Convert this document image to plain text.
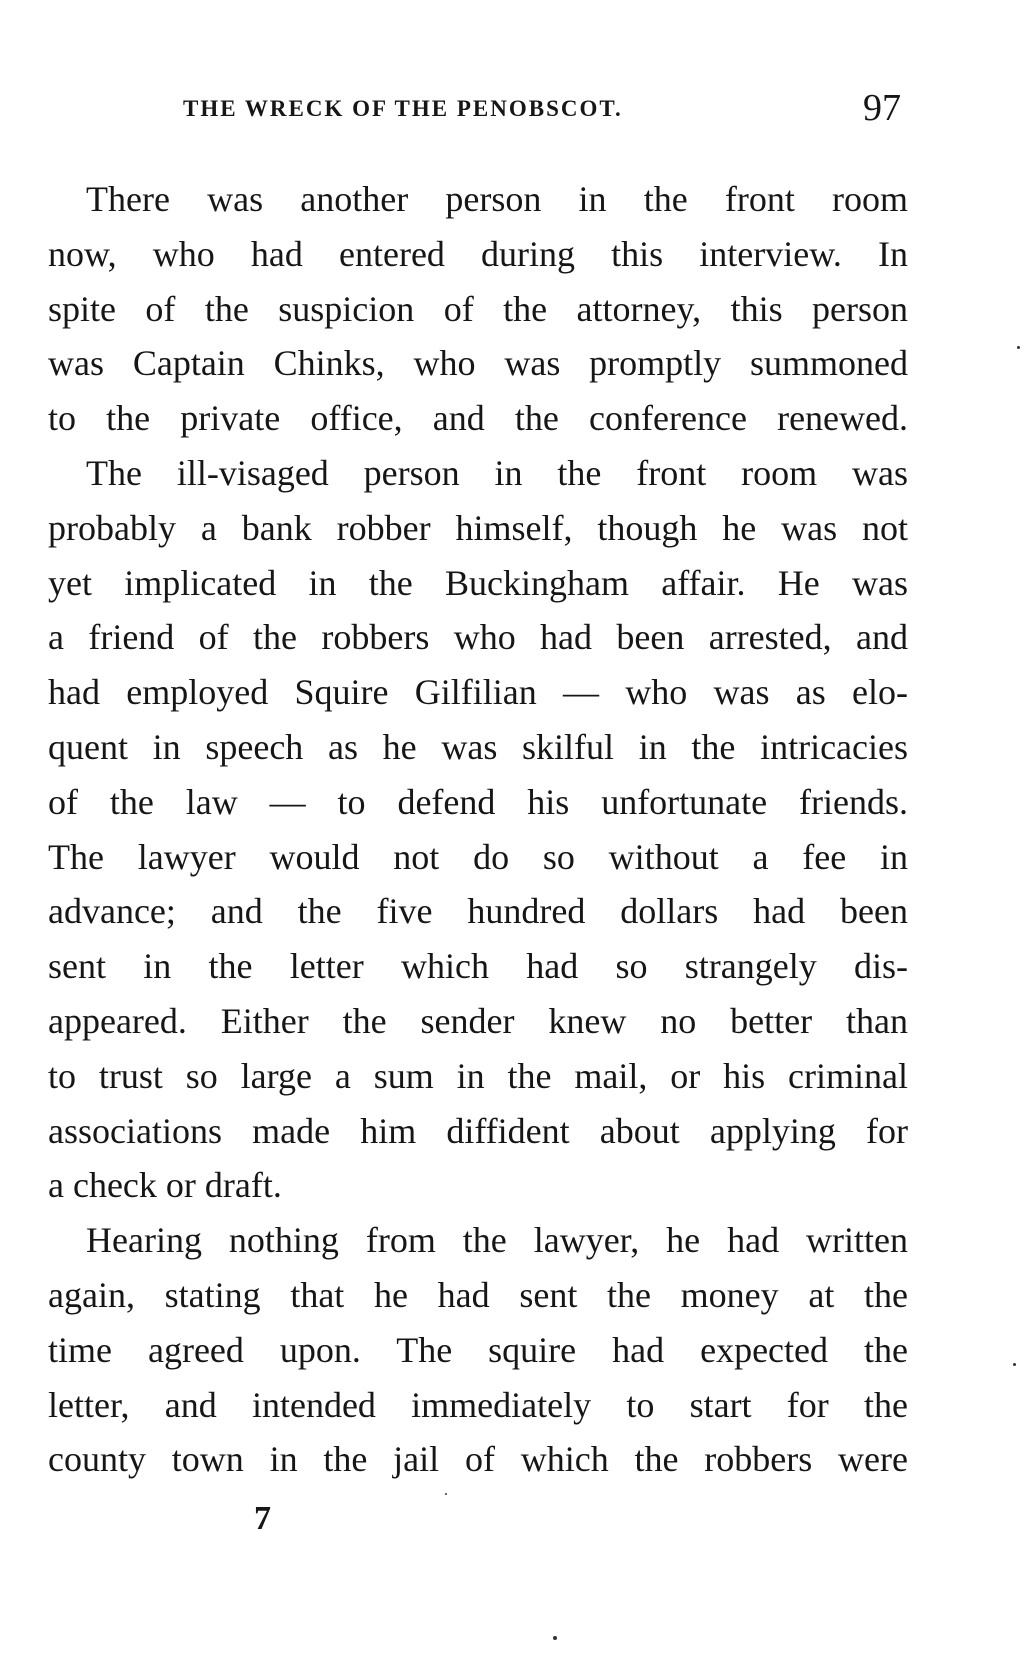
THE WRECK OF THE PENOBSCOT.	97
There was another person in the front room
now, who had entered during this interview. In
spite of the suspicion of the attorney, this person
was Captain Chinks, who was promptly summoned
to the private office, and the conference renewed.
The ill-visaged person in the front room was
probably a bank robber himself, though he was not
yet implicated in the Buckingham affair. He was
a friend of the robbers who had been arrested, and
had employed Squire Gilfilian — who was as elo-
quent in speech as he was skilful in the intricacies
of the law — to defend his unfortunate friends.
The lawyer would not do so without a fee in
advance; and the five hundred dollars had been
sent in the letter which had so strangely dis-
appeared. Either the sender knew no better than
to trust so large a sum in the mail, or his criminal
associations made him diffident about applying for
a check or draft.
Hearing nothing from the lawyer, he had written
again, stating that he had sent the money at the
time agreed upon. The squire had expected the
letter, and intended immediately to start for the
county town in the jail of which the robbers were
7
